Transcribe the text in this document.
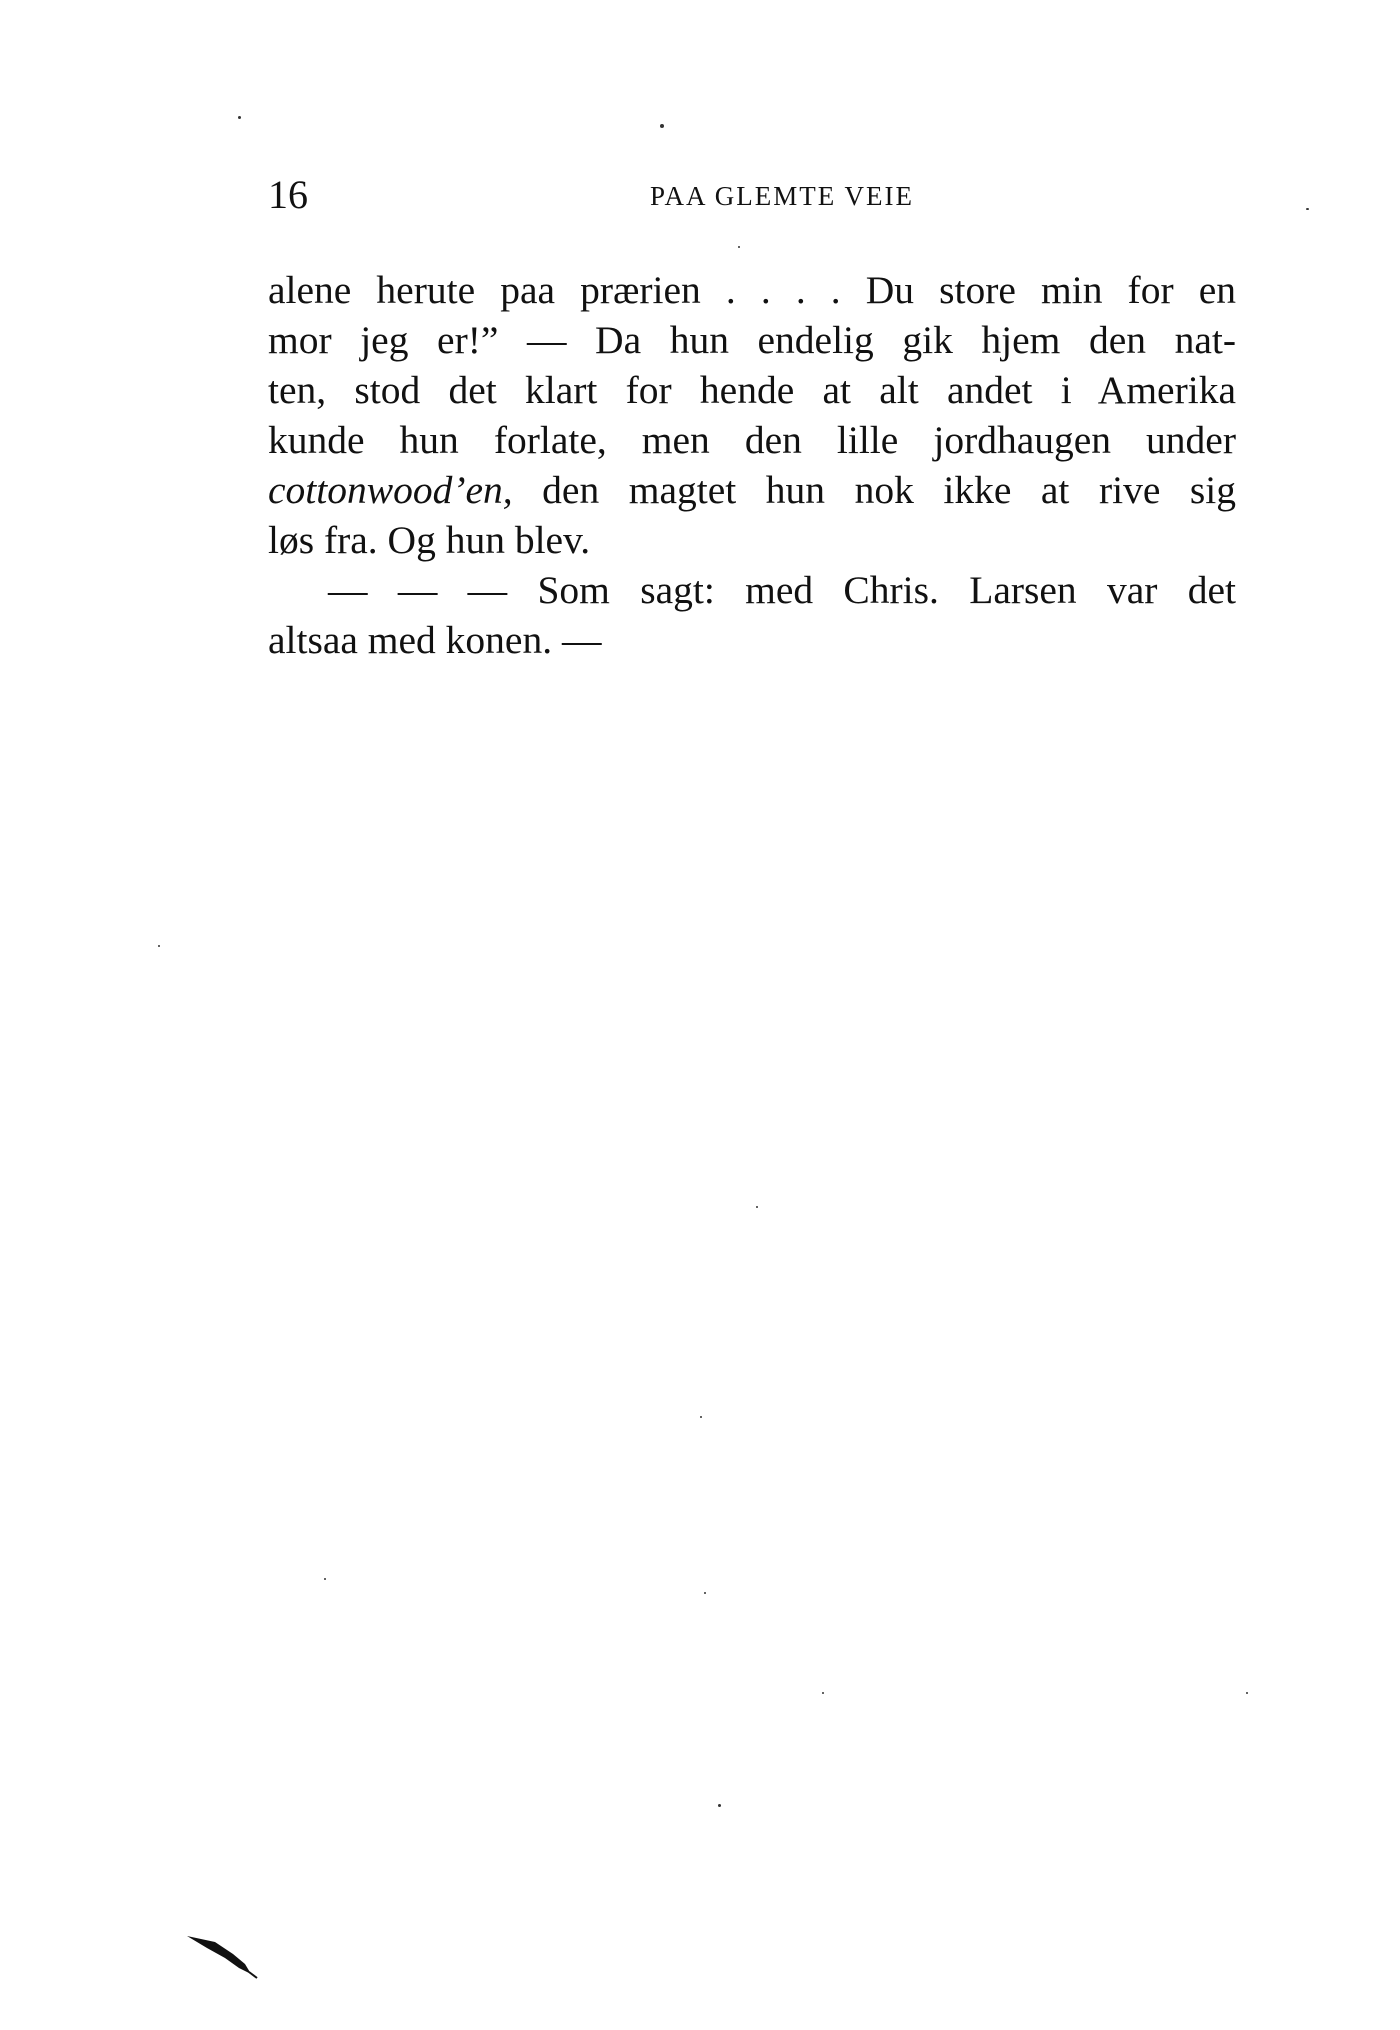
16	PAA GLEMTE VEIE
alene herute paa prærien . . . . Du store min for en
mor jeg er!” — Da hun endelig gik hjem den nat-
ten, stod det klart for hende at alt andet i Amerika
kunde hun forlate, men den lille jordhaugen under
cottonwood’en, den magtet hun nok ikke at rive sig
løs fra. Og hun blev.
— — — Som sagt: med Chris. Larsen var det
altsaa med konen. —
